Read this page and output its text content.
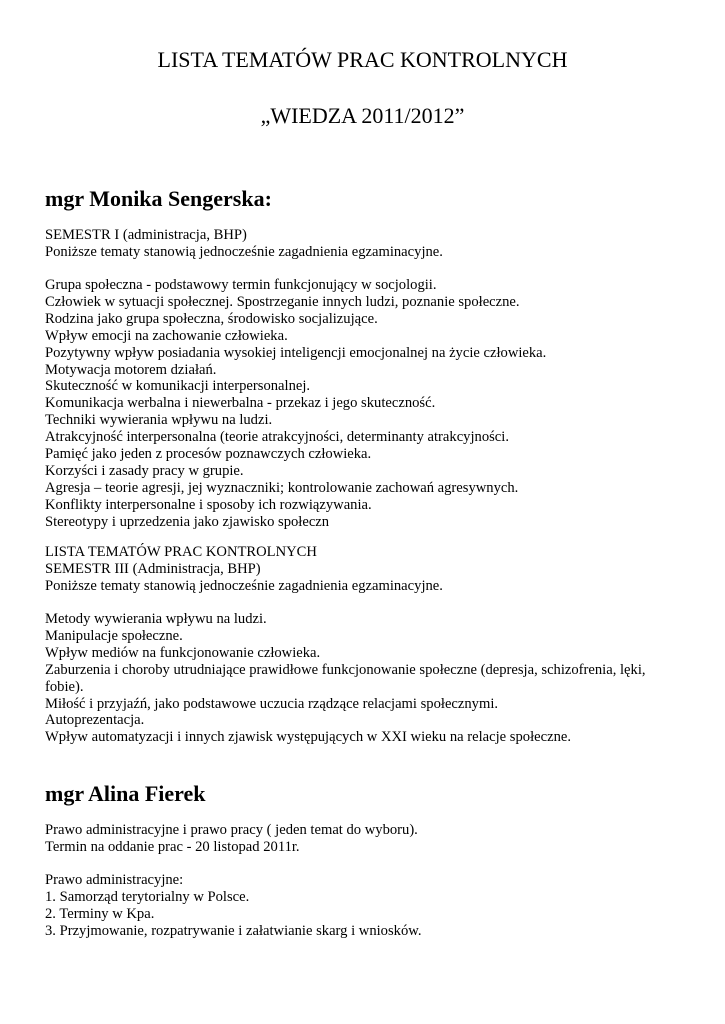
LISTA TEMATÓW PRAC KONTROLNYCH
„WIEDZA 2011/2012”
mgr Monika Sengerska:
SEMESTR I (administracja, BHP)
Poniższe tematy stanowią jednocześnie zagadnienia egzaminacyjne.
Grupa społeczna - podstawowy termin funkcjonujący w socjologii.
Człowiek w sytuacji społecznej. Spostrzeganie innych ludzi, poznanie społeczne.
Rodzina jako grupa społeczna, środowisko socjalizujące.
Wpływ emocji na zachowanie człowieka.
Pozytywny wpływ posiadania wysokiej inteligencji emocjonalnej na życie człowieka.
Motywacja motorem działań.
Skuteczność w komunikacji interpersonalnej.
Komunikacja werbalna i niewerbalna - przekaz i jego skuteczność.
Techniki wywierania wpływu na ludzi.
Atrakcyjność interpersonalna (teorie atrakcyjności, determinanty atrakcyjności.
Pamięć jako jeden z procesów poznawczych człowieka.
Korzyści i zasady pracy w grupie.
Agresja – teorie agresji, jej wyznaczniki; kontrolowanie zachowań agresywnych.
Konflikty interpersonalne i sposoby ich rozwiązywania.
Stereotypy i uprzedzenia jako zjawisko społeczn
LISTA TEMATÓW PRAC KONTROLNYCH
SEMESTR III (Administracja, BHP)
Poniższe tematy stanowią jednocześnie zagadnienia egzaminacyjne.
Metody wywierania wpływu na ludzi.
Manipulacje społeczne.
Wpływ mediów na funkcjonowanie człowieka.
Zaburzenia i choroby utrudniające prawidłowe funkcjonowanie społeczne (depresja, schizofrenia, lęki, fobie).
Miłość i przyjaźń, jako podstawowe uczucia rządzące relacjami społecznymi.
Autoprezentacja.
Wpływ automatyzacji i innych zjawisk występujących w XXI wieku na relacje społeczne.
mgr Alina Fierek
Prawo administracyjne i prawo pracy ( jeden temat do wyboru).
Termin na oddanie prac - 20 listopad 2011r.
Prawo administracyjne:
1. Samorząd terytorialny w Polsce.
2. Terminy w Kpa.
3. Przyjmowanie, rozpatrywanie i załatwianie skarg i wniosków.
